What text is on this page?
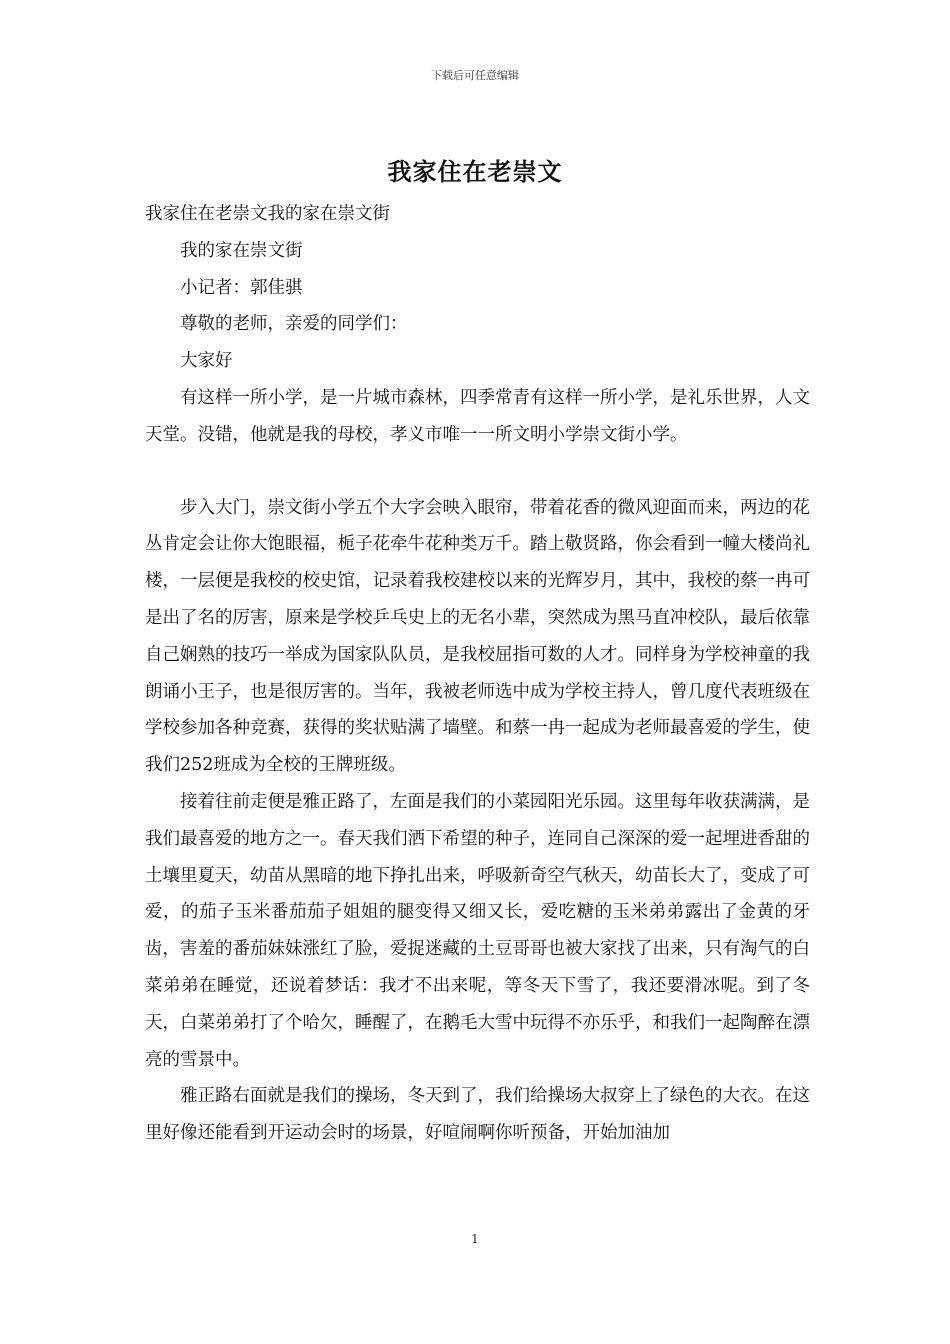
下载后可任意编辑
我家住在老崇文

我家住在老崇文我的家在崇文街

我的家在崇文街

小记者：郭佳骐

尊敬的老师，亲爱的同学们：

大家好

有这样一所小学，是一片城市森林，四季常青有这样一所小学，是礼乐世界，人文天堂。没错，他就是我的母校，孝义市唯一一所文明小学崇文街小学。

步入大门，崇文街小学五个大字会映入眼帘，带着花香的微风迎面而来，两边的花丛肯定会让你大饱眼福，栀子花牵牛花种类万千。踏上敬贤路，你会看到一幢大楼尚礼楼，一层便是我校的校史馆，记录着我校建校以来的光辉岁月，其中，我校的蔡一冉可是出了名的厉害，原来是学校乒乓史上的无名小辈，突然成为黑马直冲校队，最后依靠自己娴熟的技巧一举成为国家队队员，是我校屈指可数的人才。同样身为学校神童的我朗诵小王子，也是很厉害的。当年，我被老师选中成为学校主持人，曾几度代表班级在学校参加各种竞赛，获得的奖状贴满了墙壁。和蔡一冉一起成为老师最喜爱的学生，使我们252班成为全校的王牌班级。

接着往前走便是雅正路了，左面是我们的小菜园阳光乐园。这里每年收获满满，是我们最喜爱的地方之一。春天我们洒下希望的种子，连同自己深深的爱一起埋进香甜的土壤里夏天，幼苗从黑暗的地下挣扎出来，呼吸新奇空气秋天，幼苗长大了，变成了可爱，的茄子玉米番茄茄子姐姐的腿变得又细又长，爱吃糖的玉米弟弟露出了金黄的牙齿，害羞的番茄妹妹涨红了脸，爱捉迷藏的土豆哥哥也被大家找了出来，只有淘气的白菜弟弟在睡觉，还说着梦话：我才不出来呢，等冬天下雪了，我还要滑冰呢。到了冬天，白菜弟弟打了个哈欠，睡醒了，在鹅毛大雪中玩得不亦乐乎，和我们一起陶醉在漂亮的雪景中。

雅正路右面就是我们的操场，冬天到了，我们给操场大叔穿上了绿色的大衣。在这里好像还能看到开运动会时的场景，好喧闹啊你听预备，开始加油加

1
